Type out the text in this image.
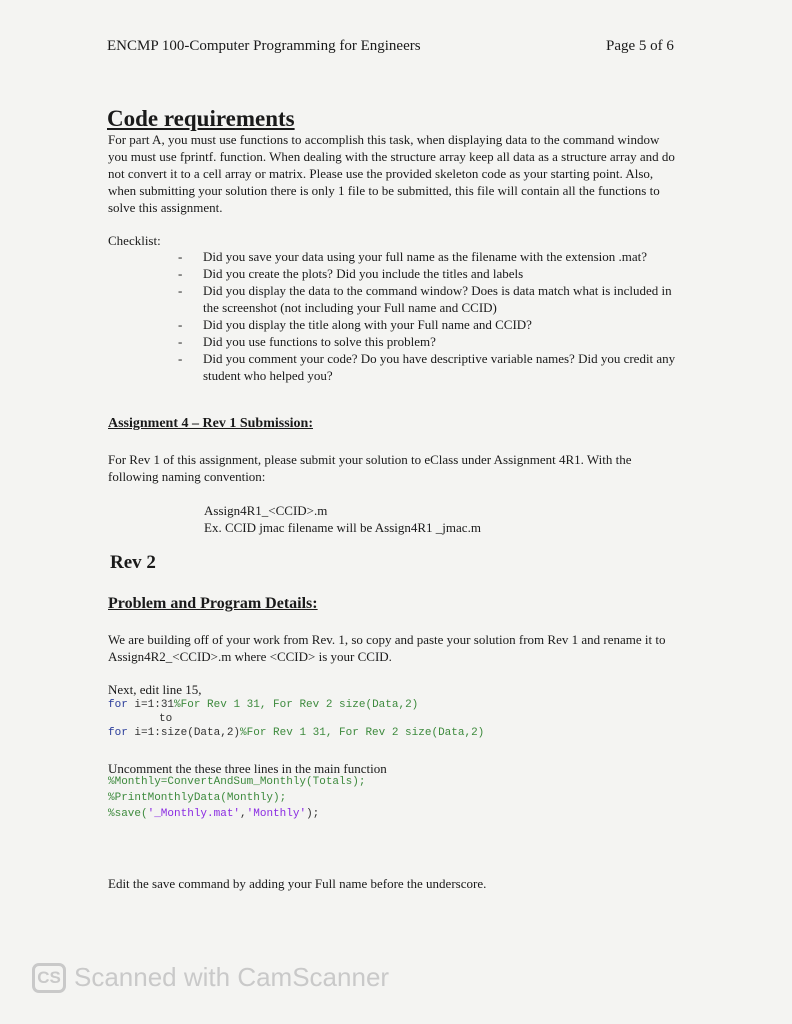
ENCMP 100-Computer Programming for Engineers	Page 5 of 6
Code requirements
For part A, you must use functions to accomplish this task, when displaying data to the command window you must use fprintf. function. When dealing with the structure array keep all data as a structure array and do not convert it to a cell array or matrix. Please use the provided skeleton code as your starting point. Also, when submitting your solution there is only 1 file to be submitted, this file will contain all the functions to solve this assignment.
Checklist:
-	Did you save your data using your full name as the filename with the extension .mat?
-	Did you create the plots? Did you include the titles and labels
-	Did you display the data to the command window? Does is data match what is included in the screenshot (not including your Full name and CCID)
-	Did you display the title along with your Full name and CCID?
-	Did you use functions to solve this problem?
-	Did you comment your code? Do you have descriptive variable names? Did you credit any student who helped you?
Assignment 4 – Rev 1 Submission:
For Rev 1 of this assignment, please submit your solution to eClass under Assignment 4R1. With the following naming convention:
Assign4R1_<CCID>.m
Ex. CCID jmac filename will be Assign4R1 _jmac.m
Rev 2
Problem and Program Details:
We are building off of your work from Rev. 1, so copy and paste your solution from Rev 1 and rename it to Assign4R2_<CCID>.m where <CCID> is your CCID.
Next, edit line 15,
for i=1:31%For Rev 1 31, For Rev 2 size(Data,2)
to
for i=1:size(Data,2)%For Rev 1 31, For Rev 2 size(Data,2)
Uncomment the these three lines in the main function
%Monthly=ConvertAndSum_Monthly(Totals);
%PrintMonthlyData(Monthly);
%save('_Monthly.mat','Monthly');
Edit the save command by adding your Full name before the underscore.
CS Scanned with CamScanner
